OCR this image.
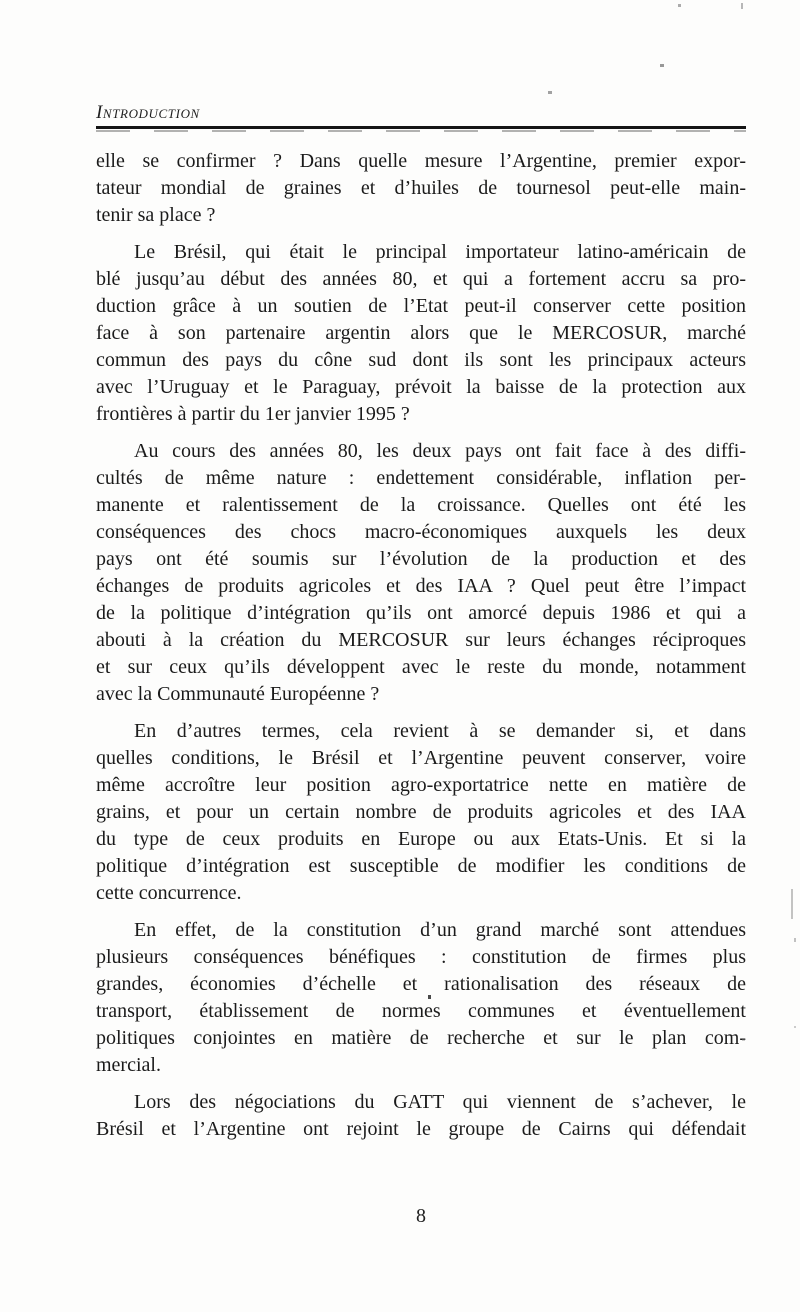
Introduction
elle se confirmer ? Dans quelle mesure l’Argentine, premier expor-
tateur mondial de graines et d’huiles de tournesol peut-elle main-
tenir sa place ?
Le Brésil, qui était le principal importateur latino-américain de
blé jusqu’au début des années 80, et qui a fortement accru sa pro-
duction grâce à un soutien de l’Etat peut-il conserver cette position
face à son partenaire argentin alors que le MERCOSUR, marché
commun des pays du cône sud dont ils sont les principaux acteurs
avec l’Uruguay et le Paraguay, prévoit la baisse de la protection aux
frontières à partir du 1er janvier 1995 ?
Au cours des années 80, les deux pays ont fait face à des diffi-
cultés de même nature : endettement considérable, inflation per-
manente et ralentissement de la croissance. Quelles ont été les
conséquences des chocs macro-économiques auxquels les deux
pays ont été soumis sur l’évolution de la production et des
échanges de produits agricoles et des IAA ? Quel peut être l’impact
de la politique d’intégration qu’ils ont amorcé depuis 1986 et qui a
abouti à la création du MERCOSUR sur leurs échanges réciproques
et sur ceux qu’ils développent avec le reste du monde, notamment
avec la Communauté Européenne ?
En d’autres termes, cela revient à se demander si, et dans
quelles conditions, le Brésil et l’Argentine peuvent conserver, voire
même accroître leur position agro-exportatrice nette en matière de
grains, et pour un certain nombre de produits agricoles et des IAA
du type de ceux produits en Europe ou aux Etats-Unis. Et si la
politique d’intégration est susceptible de modifier les conditions de
cette concurrence.
En effet, de la constitution d’un grand marché sont attendues
plusieurs conséquences bénéfiques : constitution de firmes plus
grandes, économies d’échelle et rationalisation des réseaux de
transport, établissement de normes communes et éventuellement
politiques conjointes en matière de recherche et sur le plan com-
mercial.
Lors des négociations du GATT qui viennent de s’achever, le
Brésil et l’Argentine ont rejoint le groupe de Cairns qui défendait
8
